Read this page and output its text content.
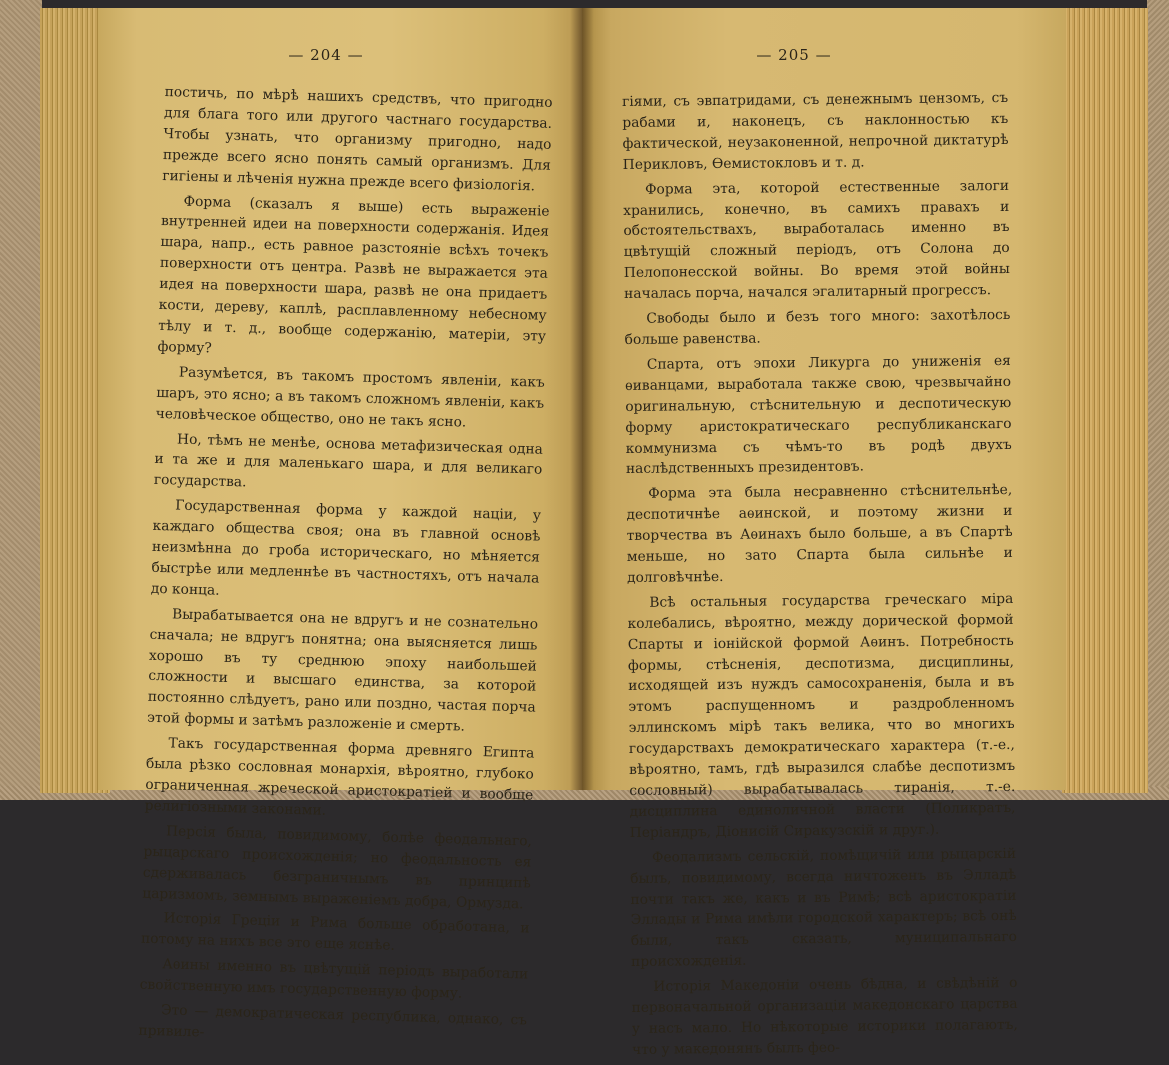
— 204 —

постичь, по мѣрѣ нашихъ средствъ, что пригодно для блага того или другого частнаго государства. Чтобы узнать, что организму пригодно, надо прежде всего ясно понять самый организмъ. Для гигіены и лѣченія нужна прежде всего физіологія.

Форма (сказалъ я выше) есть выраженіе внутренней идеи на поверхности содержанія. Идея шара, напр., есть равное разстояніе всѣхъ точекъ поверхности отъ центра. Развѣ не выражается эта идея на поверхности шара, развѣ не она придаетъ кости, дереву, каплѣ, расплавленному небесному тѣлу и т. д., вообще содержанію, матеріи, эту форму?

Разумѣется, въ такомъ простомъ явленіи, какъ шаръ, это ясно; а въ такомъ сложномъ явленіи, какъ человѣческое общество, оно не такъ ясно.

Но, тѣмъ не менѣе, основа метафизическая одна и та же и для маленькаго шара, и для великаго государства.

Государственная форма у каждой націи, у каждаго общества своя; она въ главной основѣ неизмѣнна до гроба историческаго, но мѣняется быстрѣе или медленнѣе въ частностяхъ, отъ начала до конца.

Вырабатывается она не вдругъ и не сознательно сначала; не вдругъ понятна; она выясняется лишь хорошо въ ту среднюю эпоху наибольшей сложности и высшаго единства, за которой постоянно слѣдуетъ, рано или поздно, частая порча этой формы и затѣмъ разложеніе и смерть.

Такъ государственная форма древняго Египта была рѣзко сословная монархія, вѣроятно, глубоко ограниченная жреческой аристократіей и вообще религіозными законами.

Персія была, повидимому, болѣе феодальнаго, рыцарскаго происхожденія; но феодальность ея сдерживалась безграничнымъ въ принципѣ царизмомъ, земнымъ выраженіемъ добра, Ормузда.

Исторія Греціи и Рима больше обработана, и потому на нихъ все это еще яснѣе.

Аѳины именно въ цвѣтущій періодъ выработали свойственную имъ государственную форму.

Это — демократическая республика, однако, съ привиле-

— 205 —

гіями, съ эвпатридами, съ денежнымъ цензомъ, съ рабами и, наконецъ, съ наклонностью къ фактической, неузаконенной, непрочной диктатурѣ Перикловъ, Ѳемистокловъ и т. д.

Форма эта, которой естественные залоги хранились, конечно, въ самихъ правахъ и обстоятельствахъ, выработалась именно въ цвѣтущій сложный періодъ, отъ Солона до Пелопонесской войны. Во время этой войны началась порча, начался эгалитарный прогрессъ.

Свободы было и безъ того много: захотѣлось больше равенства.

Спарта, отъ эпохи Ликурга до униженія ея ѳиванцами, выработала также свою, чрезвычайно оригинальную, стѣснительную и деспотическую форму аристократическаго республиканскаго коммунизма съ чѣмъ-то въ родѣ двухъ наслѣдственныхъ президентовъ.

Форма эта была несравненно стѣснительнѣе, деспотичнѣе аѳинской, и поэтому жизни и творчества въ Аѳинахъ было больше, а въ Спартѣ меньше, но зато Спарта была сильнѣе и долговѣчнѣе.

Всѣ остальныя государства греческаго міра колебались, вѣроятно, между дорической формой Спарты и іонійской формой Аѳинъ. Потребность формы, стѣсненія, деспотизма, дисциплины, исходящей изъ нуждъ самосохраненія, была и въ этомъ распущенномъ и раздробленномъ эллинскомъ мірѣ такъ велика, что во многихъ государствахъ демократическаго характера (т.-е., вѣроятно, тамъ, гдѣ выразился слабѣе деспотизмъ сословный) вырабатывалась тиранія, т.-е. дисциплина единоличной власти (Поликратъ, Періандръ, Діонисій Сиракузскій и друг.).

Феодализмъ сельскій, помѣщичій или рыцарскій былъ, повидимому, всегда ничтоженъ въ Элладѣ почти такъ же, какъ и въ Римѣ; всѣ аристократіи Эллады и Рима имѣли городской характеръ; всѣ онѣ были, такъ сказать, муниципальнаго происхожденія.

Исторія Македоніи очень бѣдна, и свѣдѣній о первоначальной организаціи македонскаго царства у насъ мало. Но нѣкоторые историки полагаютъ, что у македонянъ былъ фео-
